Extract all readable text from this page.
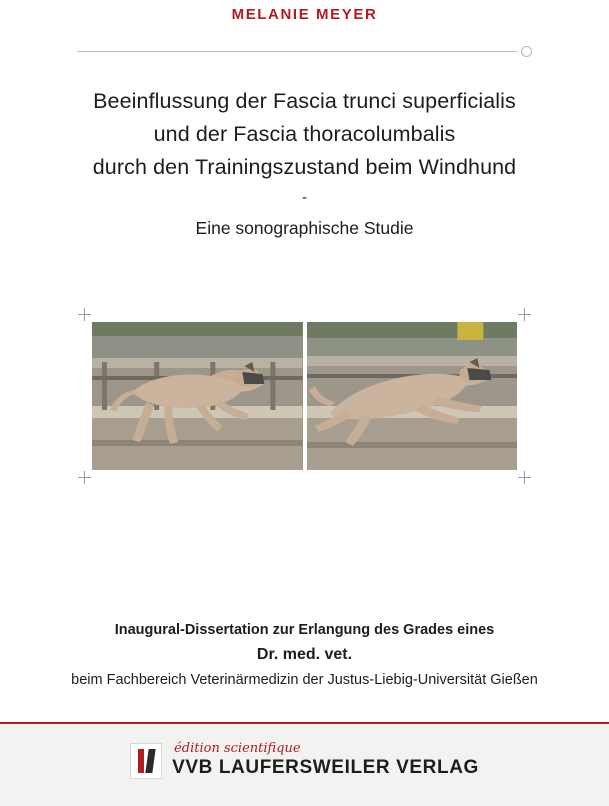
MELANIE MEYER
Beeinflussung der Fascia trunci superficialis
und der Fascia thoracolumbalis
durch den Trainingszustand beim Windhund
-
Eine sonographische Studie
Inaugural-Dissertation zur Erlangung des Grades eines
Dr. med. vet.
beim Fachbereich Veterinärmedizin der Justus-Liebig-Universität Gießen
édition scientifique
VVB LAUFERSWEILER VERLAG
